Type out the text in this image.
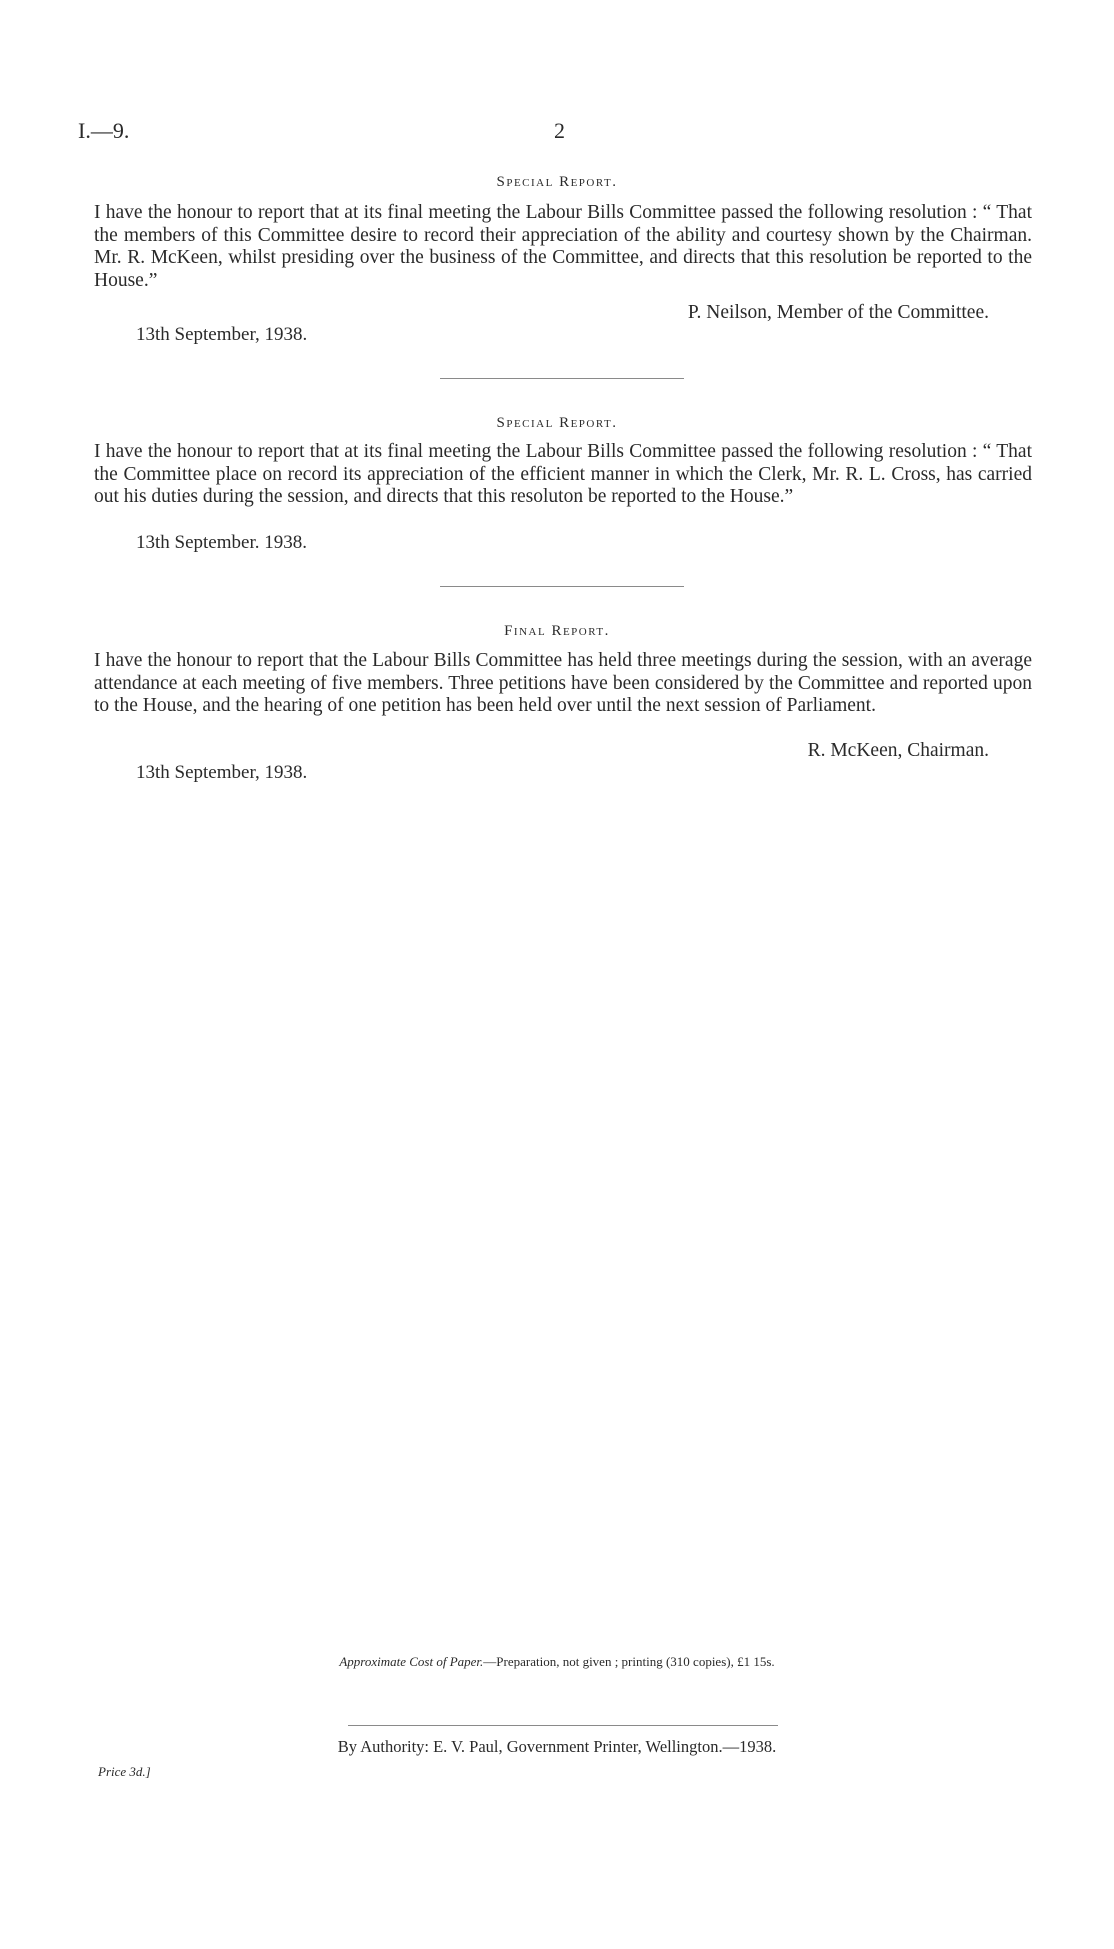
I.—9.	2
Special Report.
I have the honour to report that at its final meeting the Labour Bills Committee passed the following resolution : “ That the members of this Committee desire to record their appreciation of the ability and courtesy shown by the Chairman. Mr. R. McKeen, whilst presiding over the business of the Committee, and directs that this resolution be reported to the House.”
P. Neilson, Member of the Committee.
13th September, 1938.
Special Report.
I have the honour to report that at its final meeting the Labour Bills Committee passed the following resolution : “ That the Committee place on record its appreciation of the efficient manner in which the Clerk, Mr. R. L. Cross, has carried out his duties during the session, and directs that this resoluton be reported to the House.”
13th September. 1938.
Final Report.
I have the honour to report that the Labour Bills Committee has held three meetings during the session, with an average attendance at each meeting of five members. Three petitions have been considered by the Committee and reported upon to the House, and the hearing of one petition has been held over until the next session of Parliament.
R. McKeen, Chairman.
13th September, 1938.
Approximate Cost of Paper.—Preparation, not given ; printing (310 copies), £1 15s.
By Authority: E. V. Paul, Government Printer, Wellington.—1938.
Price 3d.]
